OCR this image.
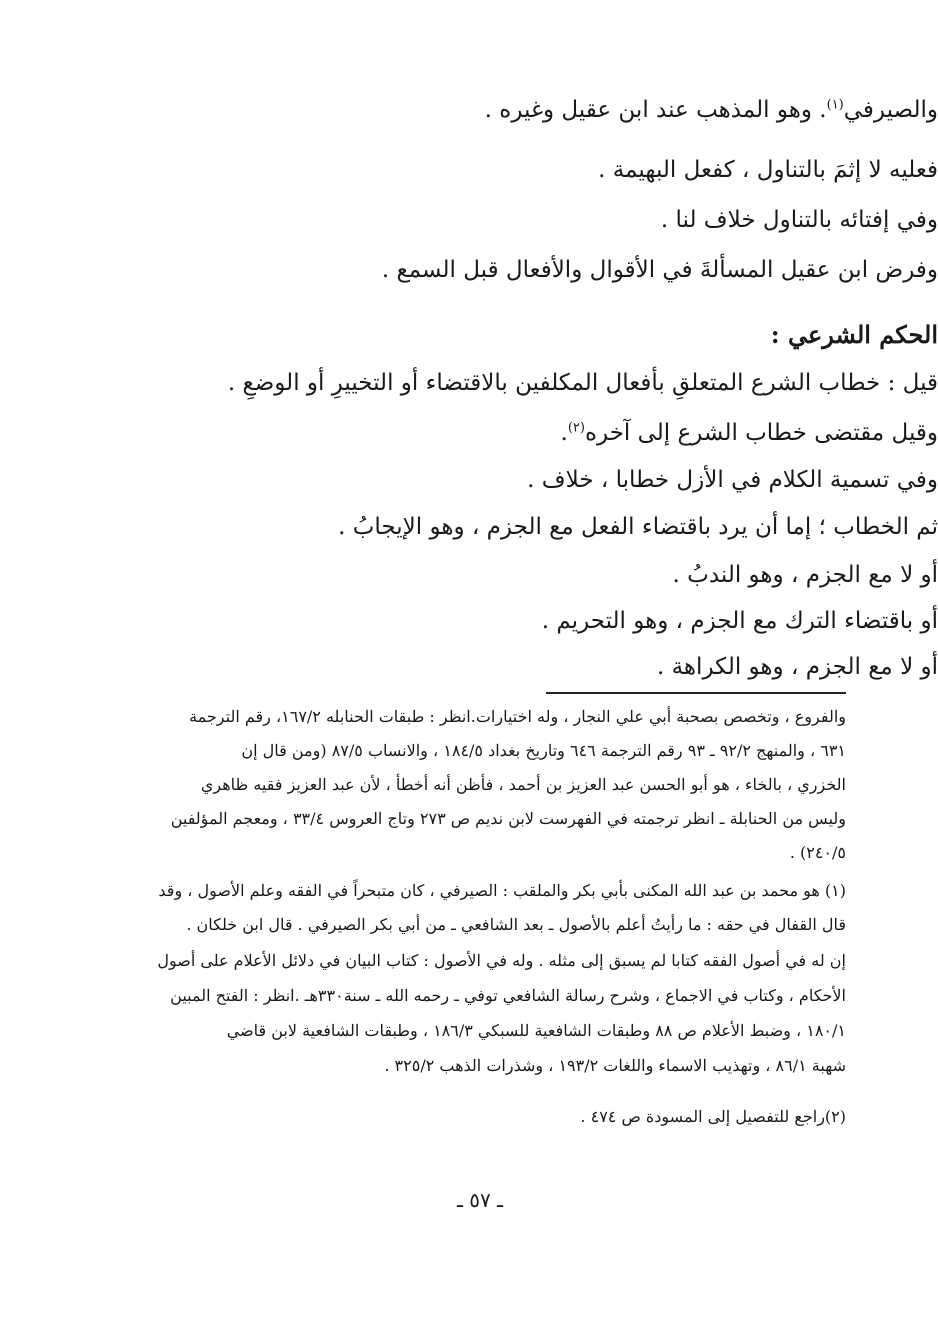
والصيرفي$^{(١)}$. وهو المذهب عند ابن عقيل وغيره .
فعليه لا إثمَ بالتناول ، كفعل البهيمة .
وفي إفتائه بالتناول خلاف لنا .
وفرض ابن عقيل المسألةَ في الأقوال والأفعال قبل السمع .
الحكم الشرعي :
قيل : خطاب الشرع المتعلقِ بأفعال المكلفين بالاقتضاء أو التخييرِ أو الوضعِ .
وقيل مقتضى خطاب الشرع إلى آخره$^{(٢)}$.
وفي تسمية الكلام في الأزل خطابا ، خلاف .
ثم الخطاب ؛ إما أن يرد باقتضاء الفعل مع الجزم ، وهو الإيجابُ .
أو لا مع الجزم ، وهو الندبُ .
أو باقتضاء الترك مع الجزم ، وهو التحريم .
أو لا مع الجزم ، وهو الكراهة .
والفروع ، وتخصص بصحبة أبي علي النجار ، وله اختيارات.انظر : طبقات الحنابله ١٦٧/٢، رقم الترجمة
٦٣١ ، والمنهج ٩٢/٢ ـ ٩٣ رقم الترجمة ٦٤٦ وتاريخ بغداد ١٨٤/٥ ، والانساب ٨٧/٥ (ومن قال إن
الخزري ، بالخاء ، هو أبو الحسن عبد العزيز بن أحمد ، فأظن أنه أخطأ ، لأن عبد العزيز فقيه ظاهري
وليس من الحنابلة ـ انظر ترجمته في الفهرست لابن نديم ص ٢٧٣ وتاج العروس ٣٣/٤ ، ومعجم المؤلفين
٢٤٠/٥) .
(١) هو محمد بن عبد الله المكنى بأبي بكر والملقب : الصيرفي ، كان متبحراً في الفقه وعلم الأصول ، وقد
قال القفال في حقه : ما رأيتُ أعلم بالأصول ـ بعد الشافعي ـ من أبي بكر الصيرفي . قال ابن خلكان .
إن له في أصول الفقه كتابا لم يسبق إلى مثله . وله في الأصول : كتاب البيان في دلائل الأعلام على أصول
الأحكام ، وكتاب في الاجماع ، وشرح رسالة الشافعي توفي ـ رحمه الله ـ سنة٣٣٠هـ .انظر : الفتح المبين
١٨٠/١ ، وضبط الأعلام ص ٨٨ وطبقات الشافعية للسبكي ١٨٦/٣ ، وطبقات الشافعية لابن قاضي
شهبة ٨٦/١ ، وتهذيب الاسماء واللغات ١٩٣/٢ ، وشذرات الذهب ٣٢٥/٢ .
(٢)راجع للتفصيل إلى المسودة ص ٤٧٤ .
ـ ٥٧ ـ
